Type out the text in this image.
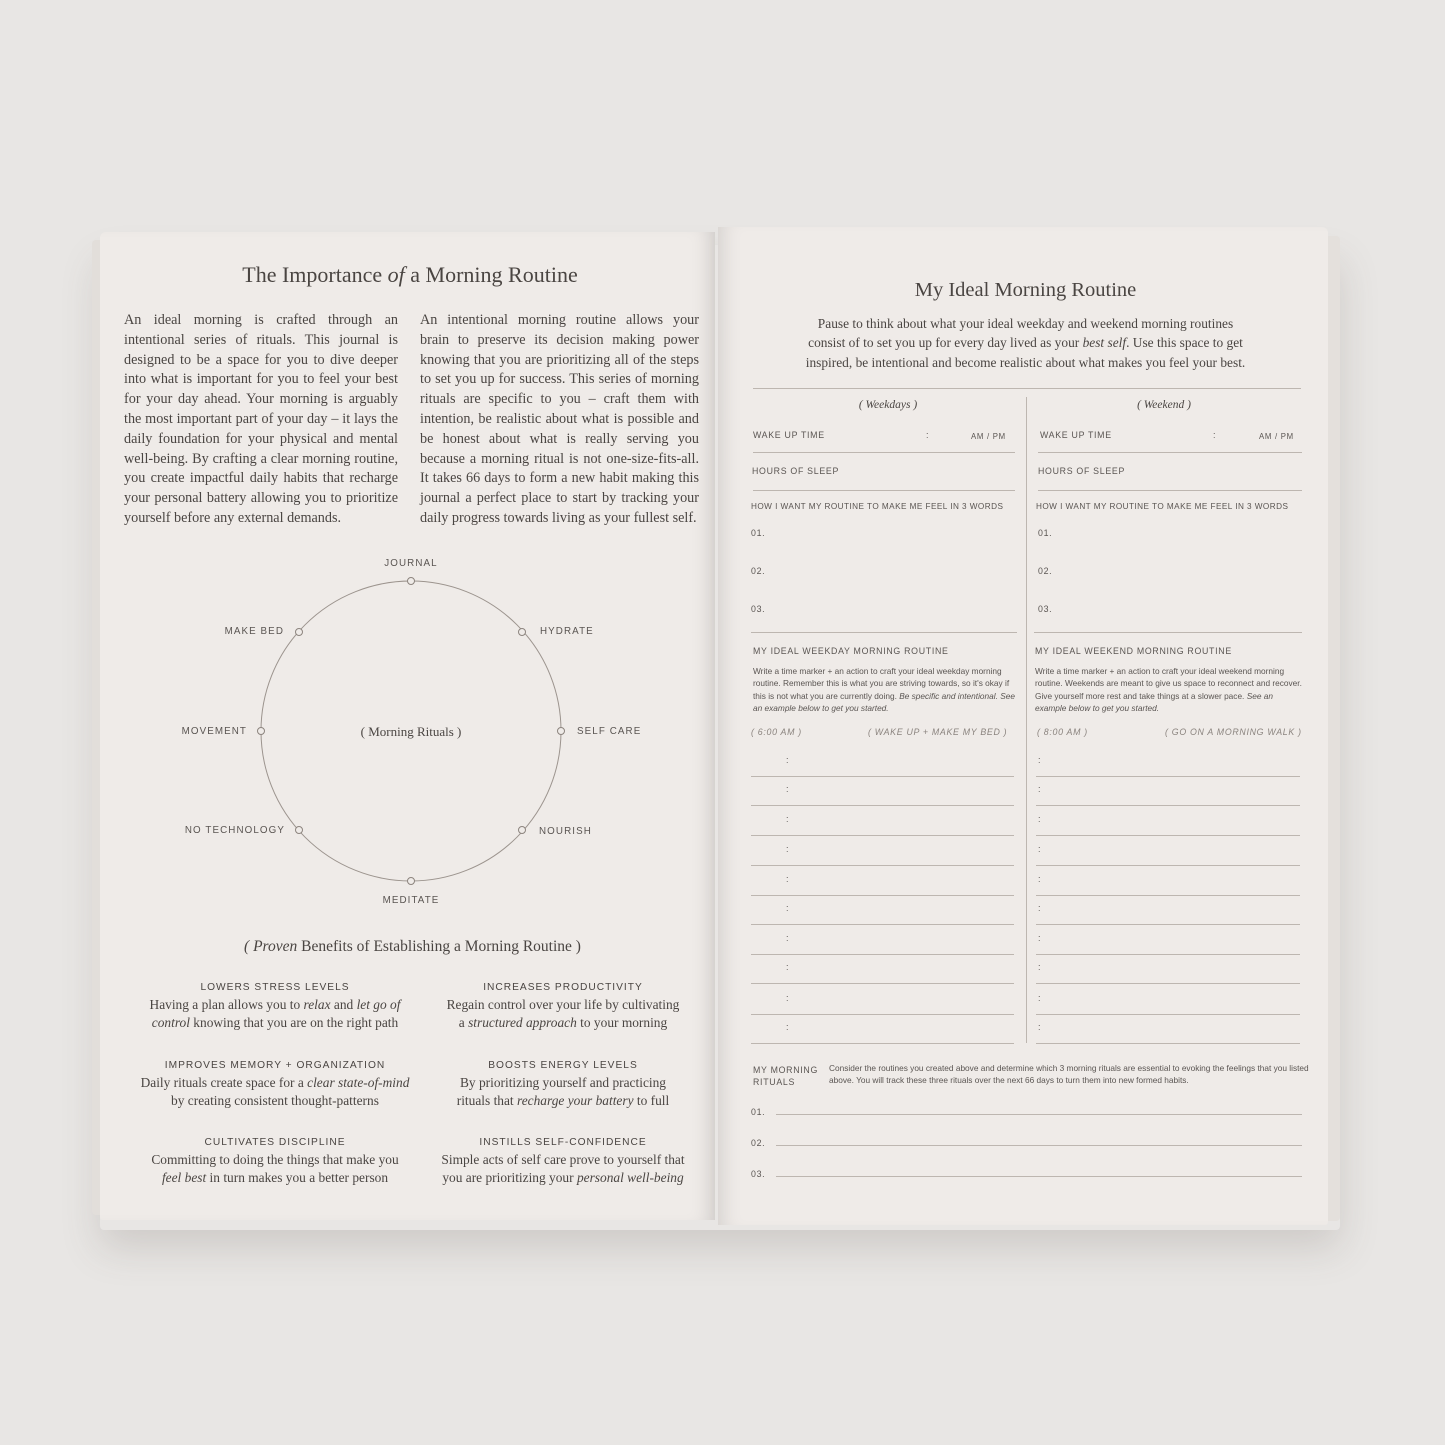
The Importance of a Morning Routine
An ideal morning is crafted through an intentional series of rituals. This journal is designed to be a space for you to dive deeper into what is important for you to feel your best for your day ahead. Your morning is arguably the most important part of your day – it lays the daily foundation for your physical and mental well-being. By crafting a clear morning routine, you create impactful daily habits that recharge your personal battery allowing you to prioritize yourself before any external demands.
An intentional morning routine allows your brain to preserve its decision making power knowing that you are prioritizing all of the steps to set you up for success. This series of morning rituals are specific to you – craft them with intention, be realistic about what is possible and be honest about what is really serving you because a morning ritual is not one-size-fits-all. It takes 66 days to form a new habit making this journal a perfect place to start by tracking your daily progress towards living as your fullest self.
( Morning Rituals )
JOURNAL
HYDRATE
SELF CARE
NOURISH
MEDITATE
NO TECHNOLOGY
MOVEMENT
MAKE BED
( Proven Benefits of Establishing a Morning Routine )
LOWERS STRESS LEVELS
Having a plan allows you to relax and let go of
control knowing that you are on the right path
INCREASES PRODUCTIVITY
Regain control over your life by cultivating
a structured approach to your morning
IMPROVES MEMORY + ORGANIZATION
Daily rituals create space for a clear state-of-mind
by creating consistent thought-patterns
BOOSTS ENERGY LEVELS
By prioritizing yourself and practicing
rituals that recharge your battery to full
CULTIVATES DISCIPLINE
Committing to doing the things that make you
feel best in turn makes you a better person
INSTILLS SELF-CONFIDENCE
Simple acts of self care prove to yourself that
you are prioritizing your personal well-being
My Ideal Morning Routine
Pause to think about what your ideal weekday and weekend morning routines
consist of to set you up for every day lived as your best self. Use this space to get
inspired, be intentional and become realistic about what makes you feel your best.
( Weekdays )
WAKE UP TIME	:	AM / PM
HOURS OF SLEEP
HOW I WANT MY ROUTINE TO MAKE ME FEEL IN 3 WORDS
01.
02.
03.
MY IDEAL WEEKDAY MORNING ROUTINE
Write a time marker + an action to craft your ideal weekday morning routine. Remember this is what you are striving towards, so it's okay if this is not what you are currently doing. Be specific and intentional. See an example below to get you started.
( 6:00 AM )	( WAKE UP + MAKE MY BED )
:
:
:
:
:
:
:
:
:
:
( Weekend )
WAKE UP TIME	:	AM / PM
HOURS OF SLEEP
HOW I WANT MY ROUTINE TO MAKE ME FEEL IN 3 WORDS
01.
02.
03.
MY IDEAL WEEKEND MORNING ROUTINE
Write a time marker + an action to craft your ideal weekend morning routine. Weekends are meant to give us space to reconnect and recover. Give yourself more rest and take things at a slower pace. See an example below to get you started.
( 8:00 AM )	( GO ON A MORNING WALK )
:
:
:
:
:
:
:
:
:
:
MY MORNING
RITUALS
Consider the routines you created above and determine which 3 morning rituals are essential to evoking the feelings that you listed above. You will track these three rituals over the next 66 days to turn them into new formed habits.
01.
02.
03.
